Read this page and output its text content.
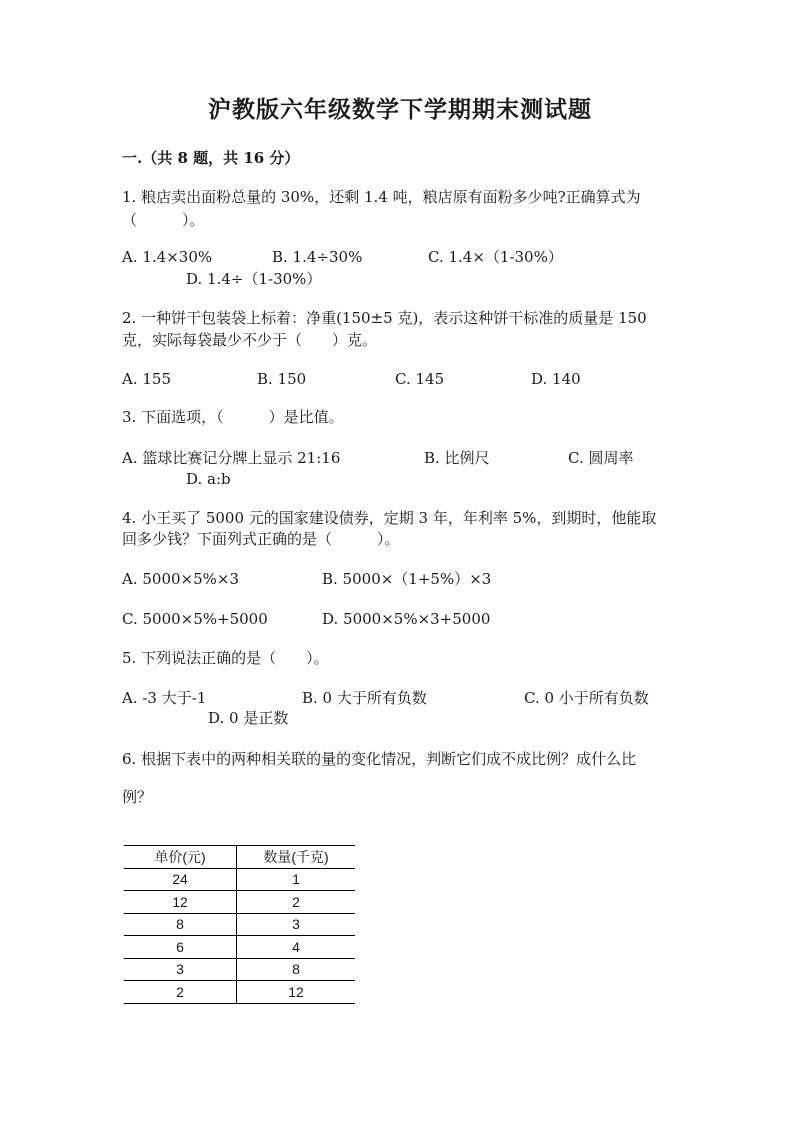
沪教版六年级数学下学期期末测试题
一.（共 8 题，共 16 分）
1. 粮店卖出面粉总量的 30%，还剩 1.4 吨，粮店原有面粉多少吨?正确算式为
（　　　）。
A. 1.4×30%	B. 1.4÷30%	C. 1.4×（1-30%）
D. 1.4÷（1-30%）
2. 一种饼干包装袋上标着：净重(150±5 克)，表示这种饼干标准的质量是 150
克，实际每袋最少不少于（　　）克。
A. 155	B. 150	C. 145	D. 140
3. 下面选项，（　　　）是比值。
A. 篮球比赛记分牌上显示 21:16	B. 比例尺	C. 圆周率
D. a:b
4. 小王买了 5000 元的国家建设债券，定期 3 年，年利率 5%，到期时，他能取
回多少钱？下面列式正确的是（　　　）。
A. 5000×5%×3	B. 5000×（1+5%）×3
C. 5000×5%+5000	D. 5000×5%×3+5000
5. 下列说法正确的是（　　）。
A. -3 大于-1	B. 0 大于所有负数	C. 0 小于所有负数
D. 0 是正数
6. 根据下表中的两种相关联的量的变化情况，判断它们成不成比例？成什么比
例？
单价(元)	数量(千克)
24	1
12	2
8	3
6	4
3	8
2	12
